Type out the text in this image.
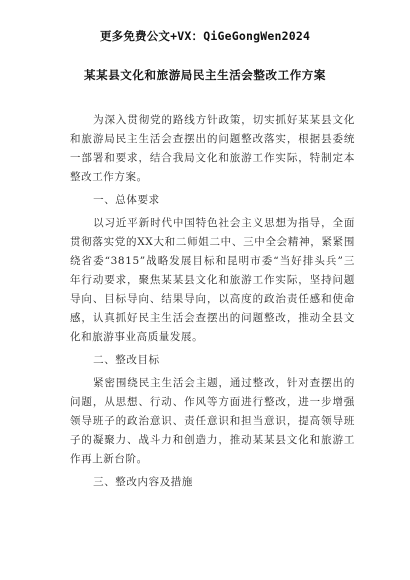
更多免费公文+VX：QiGeGongWen2024
某某县文化和旅游局民主生活会整改工作方案

为深入贯彻党的路线方针政策，切实抓好某某县文化和旅游局民主生活会查摆出的问题整改落实，根据县委统一部署和要求，结合我局文化和旅游工作实际，特制定本整改工作方案。

一、总体要求

以习近平新时代中国特色社会主义思想为指导，全面贯彻落实党的XX大和二师姐二中、三中全会精神，紧紧围绕省委“3815”战略发展目标和昆明市委“当好排头兵”三年行动要求，聚焦某某县文化和旅游工作实际，坚持问题导向、目标导向、结果导向，以高度的政治责任感和使命感，认真抓好民主生活会查摆出的问题整改，推动全县文化和旅游事业高质量发展。

二、整改目标

紧密围绕民主生活会主题，通过整改，针对查摆出的问题，从思想、行动、作风等方面进行整改，进一步增强领导班子的政治意识、责任意识和担当意识，提高领导班子的凝聚力、战斗力和创造力，推动某某县文化和旅游工作再上新台阶。

三、整改内容及措施
